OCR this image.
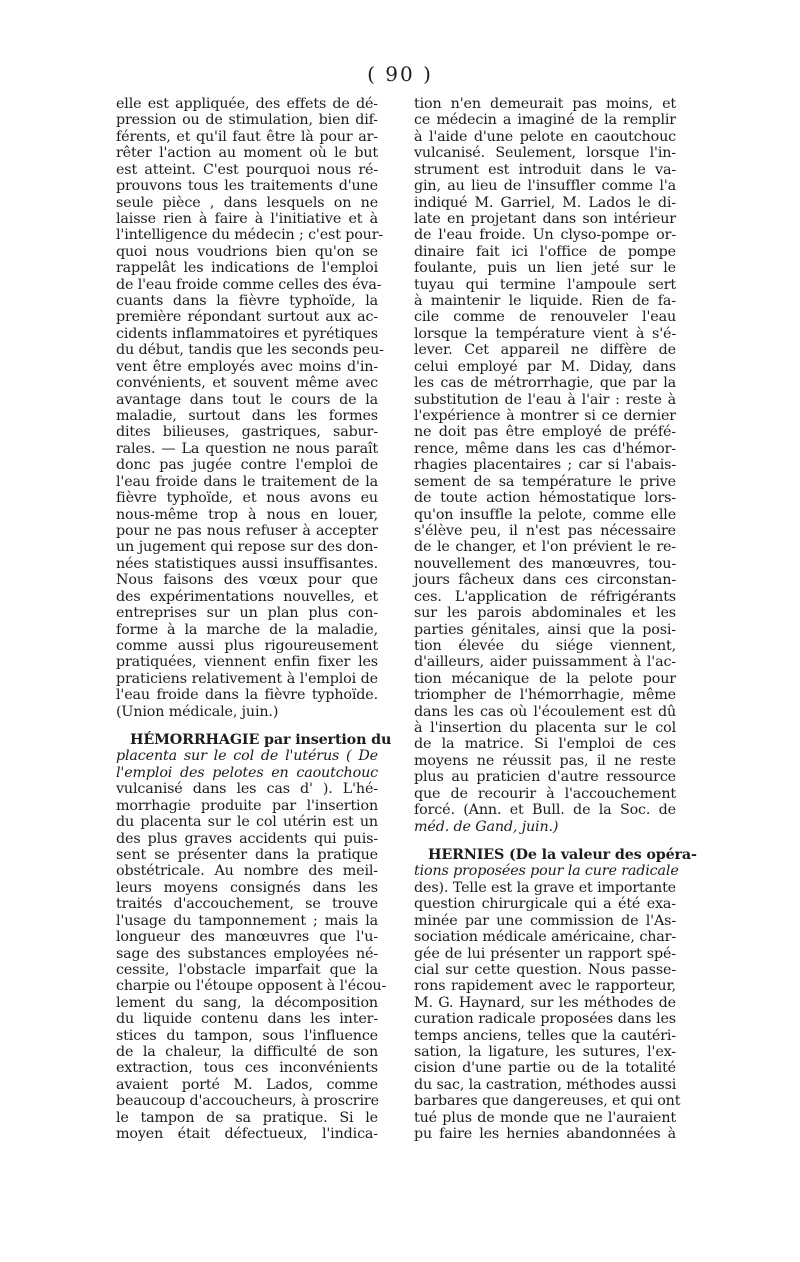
( 90 )
elle est appliquée, des effets de dé-
pression ou de stimulation, bien dif-
férents, et qu'il faut être là pour ar-
rêter l'action au moment où le but
est atteint. C'est pourquoi nous ré-
prouvons tous les traitements d'une
seule pièce , dans lesquels on ne
laisse rien à faire à l'initiative et à
l'intelligence du médecin ; c'est pour-
quoi nous voudrions bien qu'on se
rappelât les indications de l'emploi
de l'eau froide comme celles des éva-
cuants dans la fièvre typhoïde, la
première répondant surtout aux ac-
cidents inflammatoires et pyrétiques
du début, tandis que les seconds peu-
vent être employés avec moins d'in-
convénients, et souvent même avec
avantage dans tout le cours de la
maladie, surtout dans les formes
dites bilieuses, gastriques, sabur-
rales. — La question ne nous paraît
donc pas jugée contre l'emploi de
l'eau froide dans le traitement de la
fièvre typhoïde, et nous avons eu
nous-même trop à nous en louer,
pour ne pas nous refuser à accepter
un jugement qui repose sur des don-
nées statistiques aussi insuffisantes.
Nous faisons des vœux pour que
des expérimentations nouvelles, et
entreprises sur un plan plus con-
forme à la marche de la maladie,
comme aussi plus rigoureusement
pratiquées, viennent enfin fixer les
praticiens relativement à l'emploi de
l'eau froide dans la fièvre typhoïde.
(Union médicale, juin.)
HÉMORRHAGIE par insertion du
placenta sur le col de l'utérus ( De
l'emploi des pelotes en caoutchouc
vulcanisé dans les cas d' ). L'hé-
morrhagie produite par l'insertion
du placenta sur le col utérin est un
des plus graves accidents qui puis-
sent se présenter dans la pratique
obstétricale. Au nombre des meil-
leurs moyens consignés dans les
traités d'accouchement, se trouve
l'usage du tamponnement ; mais la
longueur des manœuvres que l'u-
sage des substances employées né-
cessite, l'obstacle imparfait que la
charpie ou l'étoupe opposent à l'écou-
lement du sang, la décomposition
du liquide contenu dans les inter-
stices du tampon, sous l'influence
de la chaleur, la difficulté de son
extraction, tous ces inconvénients
avaient porté M. Lados, comme
beaucoup d'accoucheurs, à proscrire
le tampon de sa pratique. Si le
moyen était défectueux, l'indica-
tion n'en demeurait pas moins, et
ce médecin a imaginé de la remplir
à l'aide d'une pelote en caoutchouc
vulcanisé. Seulement, lorsque l'in-
strument est introduit dans le va-
gin, au lieu de l'insuffler comme l'a
indiqué M. Garriel, M. Lados le di-
late en projetant dans son intérieur
de l'eau froide. Un clyso-pompe or-
dinaire fait ici l'office de pompe
foulante, puis un lien jeté sur le
tuyau qui termine l'ampoule sert
à maintenir le liquide. Rien de fa-
cile comme de renouveler l'eau
lorsque la température vient à s'é-
lever. Cet appareil ne diffère de
celui employé par M. Diday, dans
les cas de métrorrhagie, que par la
substitution de l'eau à l'air : reste à
l'expérience à montrer si ce dernier
ne doit pas être employé de préfé-
rence, même dans les cas d'hémor-
rhagies placentaires ; car si l'abais-
sement de sa température le prive
de toute action hémostatique lors-
qu'on insuffle la pelote, comme elle
s'élève peu, il n'est pas nécessaire
de le changer, et l'on prévient le re-
nouvellement des manœuvres, tou-
jours fâcheux dans ces circonstan-
ces. L'application de réfrigérants
sur les parois abdominales et les
parties génitales, ainsi que la posi-
tion élevée du siége viennent,
d'ailleurs, aider puissamment à l'ac-
tion mécanique de la pelote pour
triompher de l'hémorrhagie, même
dans les cas où l'écoulement est dû
à l'insertion du placenta sur le col
de la matrice. Si l'emploi de ces
moyens ne réussit pas, il ne reste
plus au praticien d'autre ressource
que de recourir à l'accouchement
forcé. (Ann. et Bull. de la Soc. de
méd. de Gand, juin.)
HERNIES (De la valeur des opéra-
tions proposées pour la cure radicale
des). Telle est la grave et importante
question chirurgicale qui a été exa-
minée par une commission de l'As-
sociation médicale américaine, char-
gée de lui présenter un rapport spé-
cial sur cette question. Nous passe-
rons rapidement avec le rapporteur,
M. G. Haynard, sur les méthodes de
curation radicale proposées dans les
temps anciens, telles que la cautéri-
sation, la ligature, les sutures, l'ex-
cision d'une partie ou de la totalité
du sac, la castration, méthodes aussi
barbares que dangereuses, et qui ont
tué plus de monde que ne l'auraient
pu faire les hernies abandonnées à
